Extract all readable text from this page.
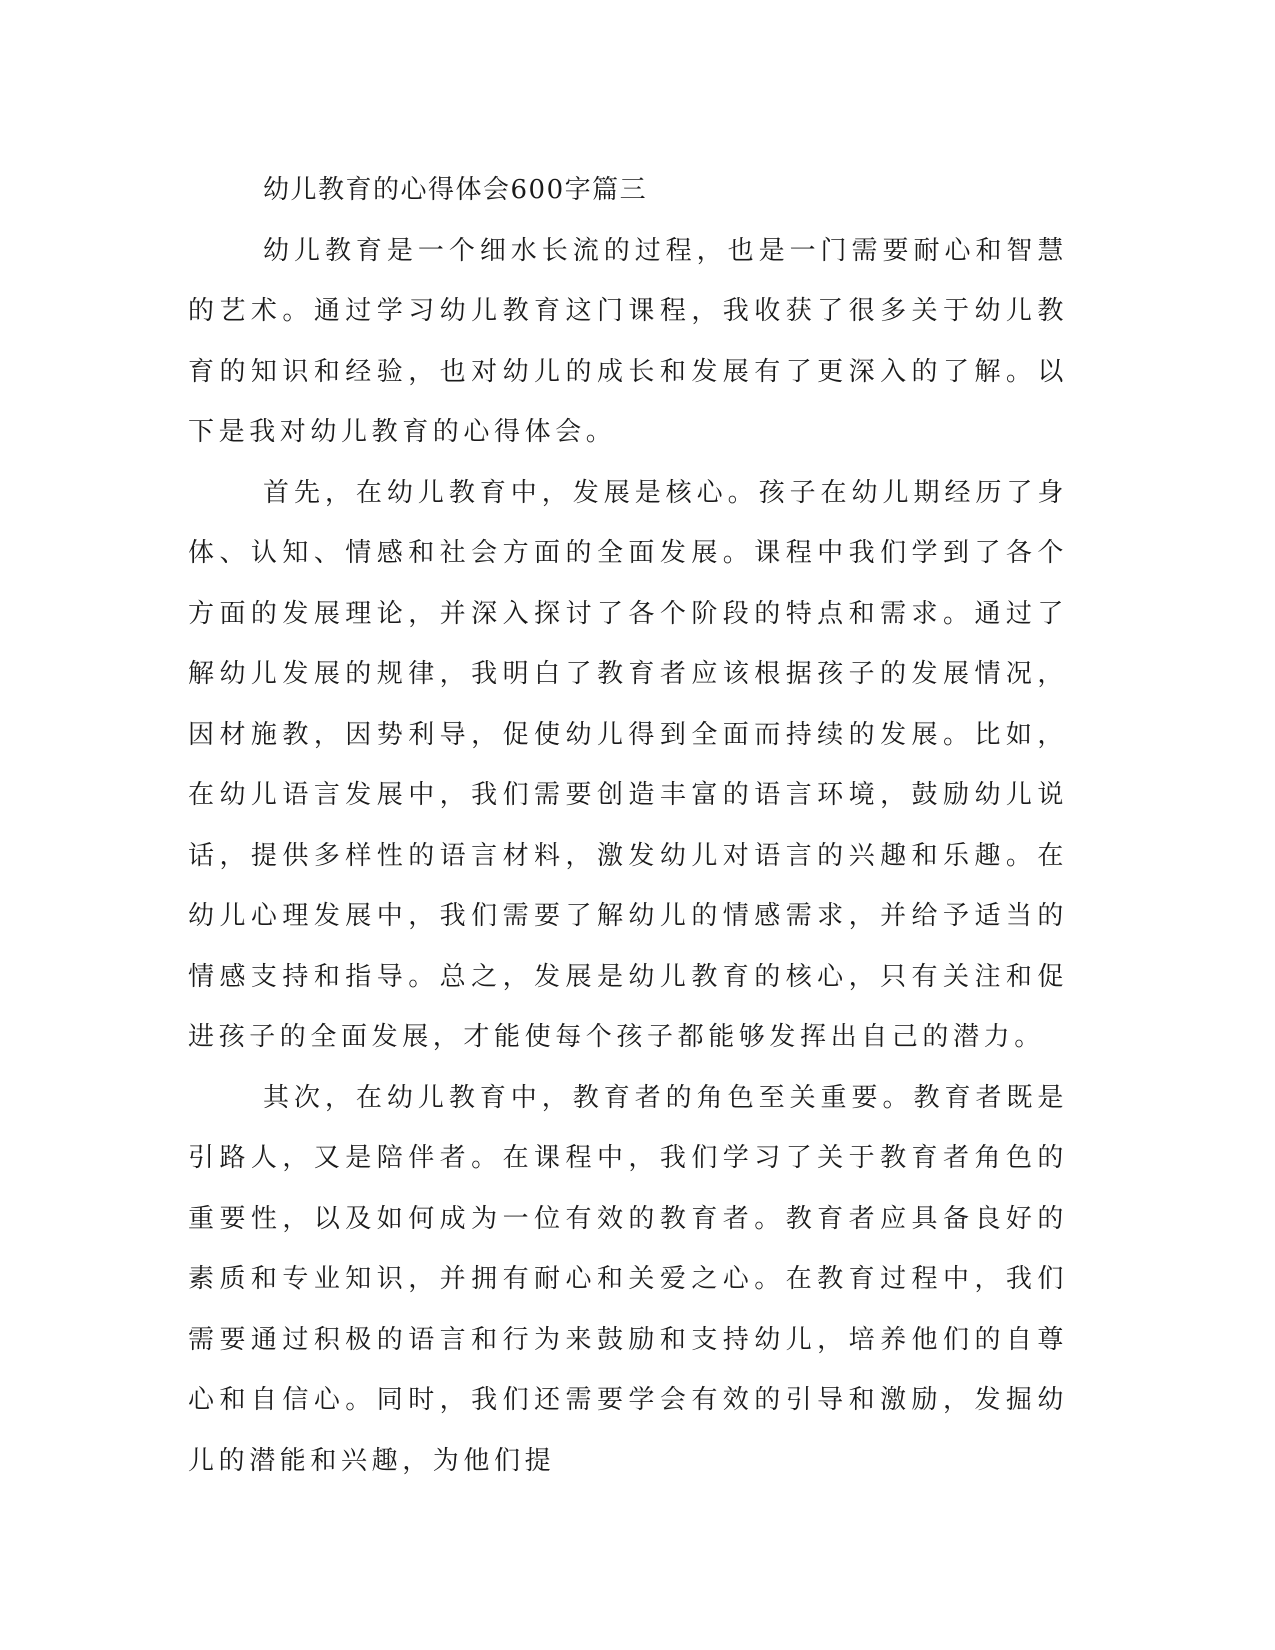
幼儿教育的心得体会600字篇三

幼儿教育是一个细水长流的过程，也是一门需要耐心和智慧的艺术。通过学习幼儿教育这门课程，我收获了很多关于幼儿教育的知识和经验，也对幼儿的成长和发展有了更深入的了解。以下是我对幼儿教育的心得体会。

首先，在幼儿教育中，发展是核心。孩子在幼儿期经历了身体、认知、情感和社会方面的全面发展。课程中我们学到了各个方面的发展理论，并深入探讨了各个阶段的特点和需求。通过了解幼儿发展的规律，我明白了教育者应该根据孩子的发展情况，因材施教，因势利导，促使幼儿得到全面而持续的发展。比如，在幼儿语言发展中，我们需要创造丰富的语言环境，鼓励幼儿说话，提供多样性的语言材料，激发幼儿对语言的兴趣和乐趣。在幼儿心理发展中，我们需要了解幼儿的情感需求，并给予适当的情感支持和指导。总之，发展是幼儿教育的核心，只有关注和促进孩子的全面发展，才能使每个孩子都能够发挥出自己的潜力。

其次，在幼儿教育中，教育者的角色至关重要。教育者既是引路人，又是陪伴者。在课程中，我们学习了关于教育者角色的重要性，以及如何成为一位有效的教育者。教育者应具备良好的素质和专业知识，并拥有耐心和关爱之心。在教育过程中，我们需要通过积极的语言和行为来鼓励和支持幼儿，培养他们的自尊心和自信心。同时，我们还需要学会有效的引导和激励，发掘幼儿的潜能和兴趣，为他们提
